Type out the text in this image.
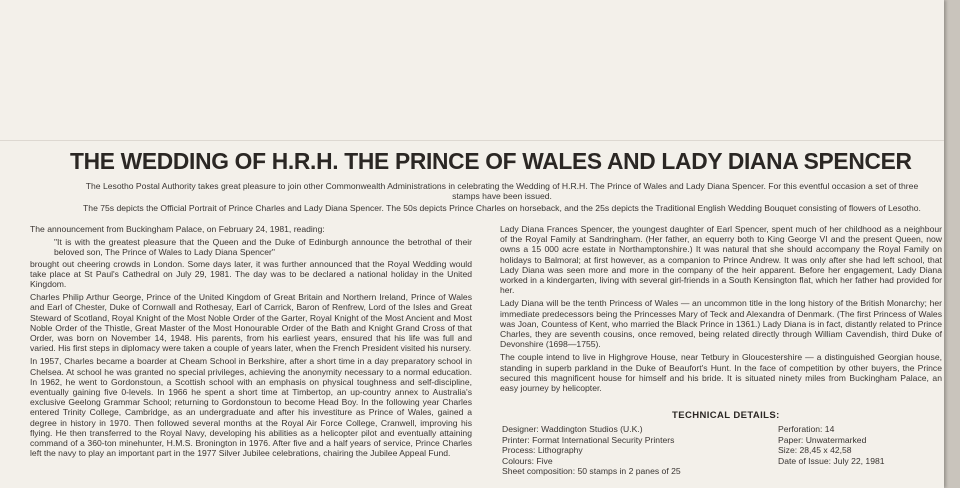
THE WEDDING OF H.R.H. THE PRINCE OF WALES AND LADY DIANA SPENCER

The Lesotho Postal Authority takes great pleasure to join other Commonwealth Administrations in celebrating the Wedding of H.R.H. The Prince of Wales and Lady Diana Spencer. For this eventful occasion a set of three stamps have been issued.

The 75s depicts the Official Portrait of Prince Charles and Lady Diana Spencer. The 50s depicts Prince Charles on horseback, and the 25s depicts the Traditional English Wedding Bouquet consisting of flowers of Lesotho.

The announcement from Buckingham Palace, on February 24, 1981, reading:

"It is with the greatest pleasure that the Queen and the Duke of Edinburgh announce the betrothal of their beloved son, The Prince of Wales to Lady Diana Spencer"

brought out cheering crowds in London. Some days later, it was further announced that the Royal Wedding would take place at St Paul's Cathedral on July 29, 1981. The day was to be declared a national holiday in the United Kingdom.

Charles Philip Arthur George, Prince of the United Kingdom of Great Britain and Northern Ireland, Prince of Wales and Earl of Chester, Duke of Cornwall and Rothesay, Earl of Carrick, Baron of Renfrew, Lord of the Isles and Great Steward of Scotland, Royal Knight of the Most Noble Order of the Garter, Royal Knight of the Most Ancient and Most Noble Order of the Thistle, Great Master of the Most Honourable Order of the Bath and Knight Grand Cross of that Order, was born on November 14, 1948. His parents, from his earliest years, ensured that his life was full and varied. His first steps in diplomacy were taken a couple of years later, when the French President visited his nursery.

In 1957, Charles became a boarder at Cheam School in Berkshire, after a short time in a day preparatory school in Chelsea. At school he was granted no special privileges, achieving the anonymity necessary to a normal education. In 1962, he went to Gordonstoun, a Scottish school with an emphasis on physical toughness and self-discipline, eventually gaining five 0-levels. In 1966 he spent a short time at Timbertop, an up-country annex to Australia's exclusive Geelong Grammar School; returning to Gordonstoun to become Head Boy. In the following year Charles entered Trinity College, Cambridge, as an undergraduate and after his investiture as Prince of Wales, gained a degree in history in 1970. Then followed several months at the Royal Air Force College, Cranwell, improving his flying. He then transferred to the Royal Navy, developing his abilities as a helicopter pilot and eventually attaining command of a 360-ton minehunter, H.M.S. Bronington in 1976. After five and a half years of service, Prince Charles left the navy to play an important part in the 1977 Silver Jubilee celebrations, chairing the Jubilee Appeal Fund.

Lady Diana Frances Spencer, the youngest daughter of Earl Spencer, spent much of her childhood as a neighbour of the Royal Family at Sandringham. (Her father, an equerry both to King George VI and the present Queen, now owns a 15 000 acre estate in Northamptonshire.) It was natural that she should accompany the Royal Family on holidays to Balmoral; at first however, as a companion to Prince Andrew. It was only after she had left school, that Lady Diana was seen more and more in the company of the heir apparent. Before her engagement, Lady Diana worked in a kindergarten, living with several girl-friends in a South Kensington flat, which her father had provided for her.

Lady Diana will be the tenth Princess of Wales — an uncommon title in the long history of the British Monarchy; her immediate predecessors being the Princesses Mary of Teck and Alexandra of Denmark. (The first Princess of Wales was Joan, Countess of Kent, who married the Black Prince in 1361.) Lady Diana is in fact, distantly related to Prince Charles, they are seventh cousins, once removed, being related directly through William Cavendish, third Duke of Devonshire (1698—1755).

The couple intend to live in Highgrove House, near Tetbury in Gloucestershire — a distinguished Georgian house, standing in superb parkland in the Duke of Beaufort's Hunt. In the face of competition by other buyers, the Prince secured this magnificent house for himself and his bride. It is situated ninety miles from Buckingham Palace, an easy journey by helicopter.

TECHNICAL DETAILS:
Designer: Waddington Studios (U.K.)
Printer: Format International Security Printers
Process: Lithography
Colours: Five
Sheet composition: 50 stamps in 2 panes of 25
Perforation: 14
Paper: Unwatermarked
Size: 28,45 x 42,58
Date of Issue: July 22, 1981
